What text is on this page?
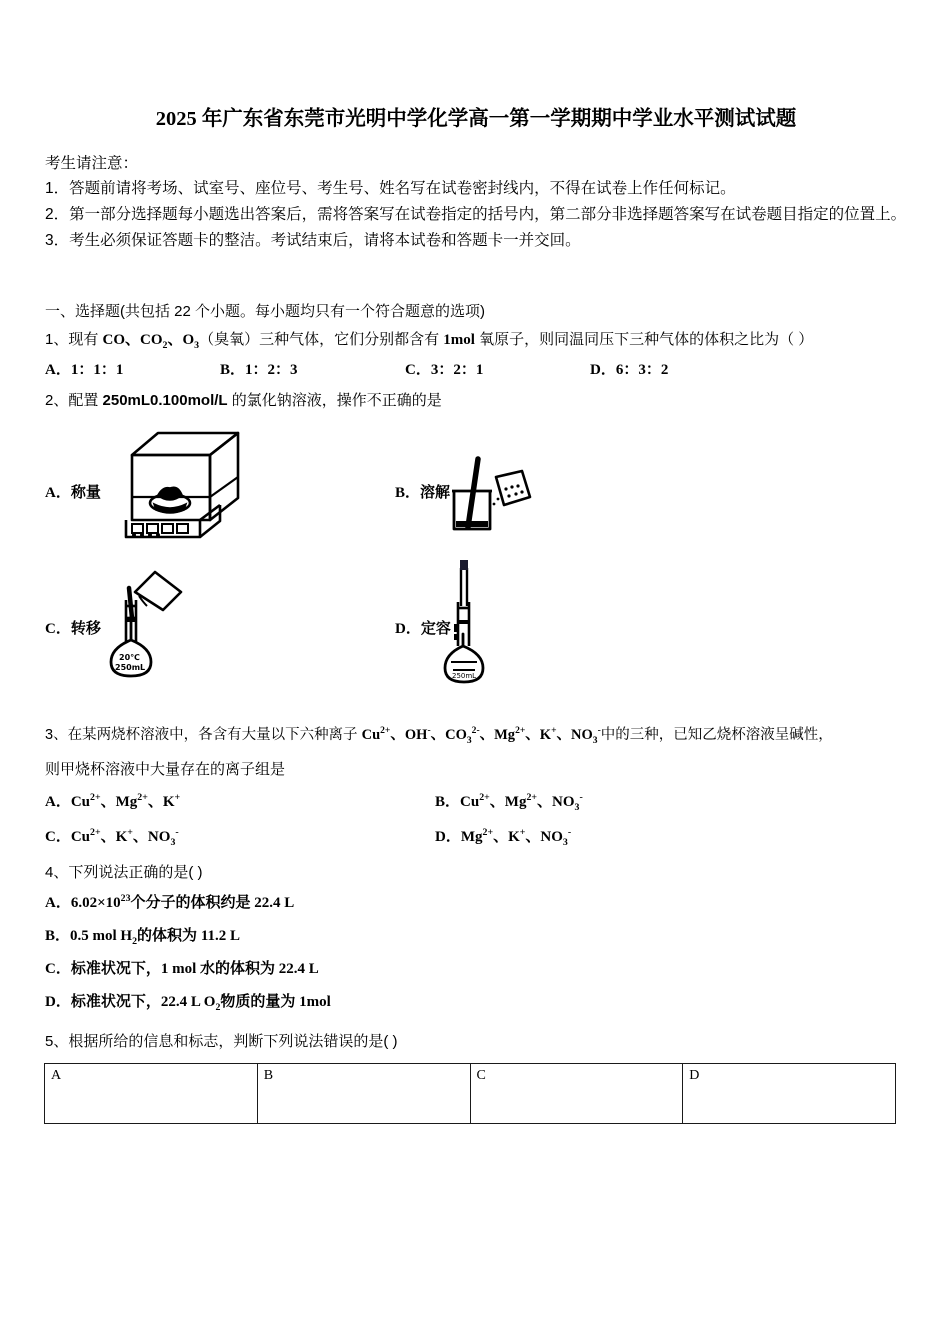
2025 年广东省东莞市光明中学化学高一第一学期期中学业水平测试试题
考生请注意：

1．答题前请将考场、试室号、座位号、考生号、姓名写在试卷密封线内，不得在试卷上作任何标记。

2．第一部分选择题每小题选出答案后，需将答案写在试卷指定的括号内，第二部分非选择题答案写在试卷题目指定的位置上。

3．考生必须保证答题卡的整洁。考试结束后，请将本试卷和答题卡一并交回。

一、选择题(共包括 22 个小题。每小题均只有一个符合题意的选项)
1、现有 CO、$CO_2$、$O_3$（臭氧）三种气体，它们分别都含有 1mol 氧原子，则同温同压下三种气体的体积之比为（ ）
A．1：1：1	B．1：2：3	C．3：2：1	D．6：3：2
2、配置 250mL0.100mol/L 的氯化钠溶液，操作不正确的是
A．称量	B．溶解
C．转移
20℃
250mL
D．定容
250mL
3、在某两烧杯溶液中，各含有大量以下六种离子 $Cu^{2+}$、OH-、$CO_3^{2-}$、$Mg^{2+}$、K+、$NO_3^-$中的三种，已知乙烧杯溶液呈碱性，
则甲烧杯溶液中大量存在的离子组是
A．$Cu^{2+}$、$Mg^{2+}$、K+	B．$Cu^{2+}$、$Mg^{2+}$、$NO_3^-$
C．$Cu^{2+}$、K+、$NO_3^-$	D．$Mg^{2+}$、K+、$NO_3^-$
4、下列说法正确的是( )

A．$6.02\times 10^{23}$个分子的体积约是 22.4 L

B．0.5 mol $H_2$的体积为 11.2 L

C．标准状况下，1 mol 水的体积为 22.4 L

D．标准状况下，22.4 L $O_2$物质的量为 1mol

5、根据所给的信息和标志，判断下列说法错误的是( )
A	B	C	D
